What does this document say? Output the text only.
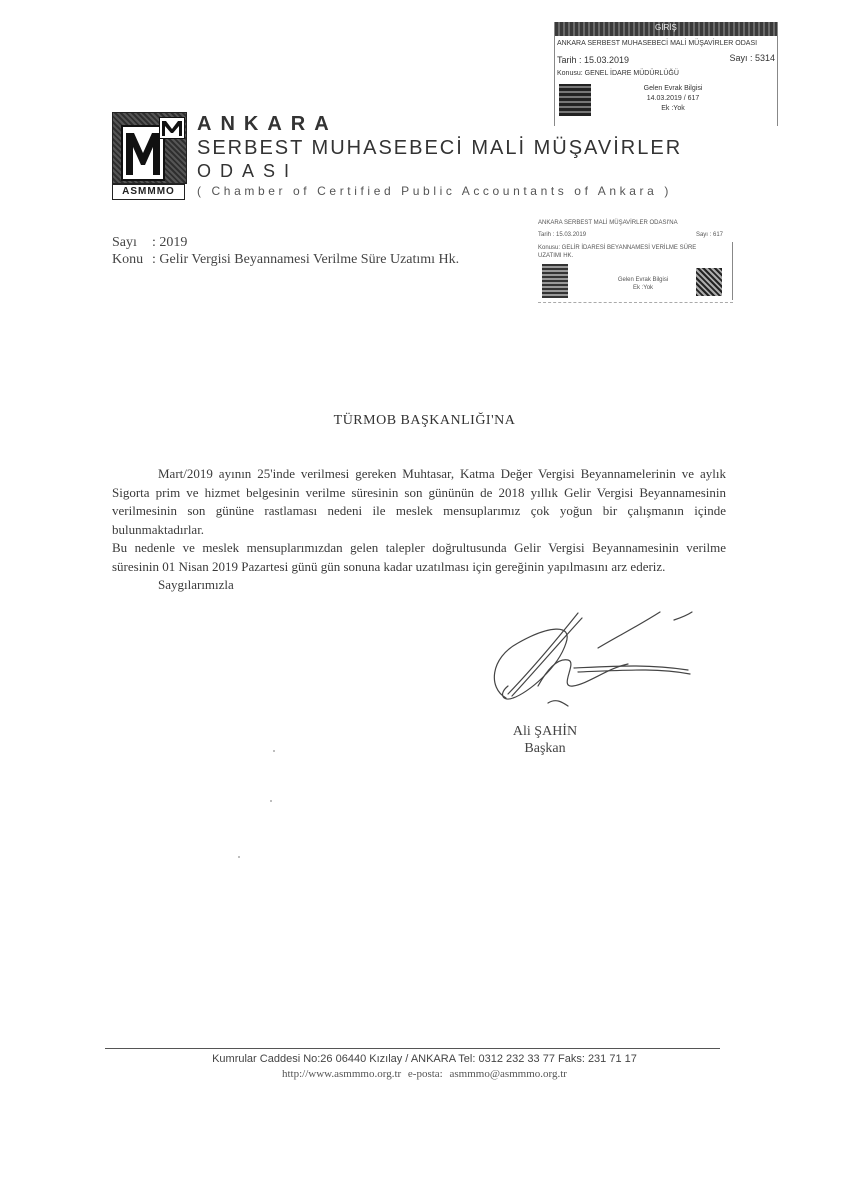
GİRİŞ
ANKARA SERBEST MUHASEBECİ MALİ MÜŞAVİRLER ODASI
Tarih : 15.03.2019	Sayı : 5314
Konusu: GENEL İDARE MÜDÜRLÜĞÜ
Gelen Evrak Bilgisi
14.03.2019 / 617
Ek :Yok
ASMMMO
ANKARA
SERBEST MUHASEBECİ MALİ MÜŞAVİRLER
ODASI
( Chamber of Certified Public Accountants of Ankara )
ANKARA SERBEST MALİ MÜŞAVİRLER ODASI'NA
Tarih : 15.03.2019	Sayı : 617
Konusu: GELİR İDARESİ BEYANNAMESİ VERİLME SÜRE UZATIMI HK.
Gelen Evrak Bilgisi
Ek :Yok
Sayı : 2019
Konu : Gelir Vergisi Beyannamesi Verilme Süre Uzatımı Hk.
TÜRMOB BAŞKANLIĞI'NA

Mart/2019 ayının 25'inde verilmesi gereken Muhtasar, Katma Değer Vergisi Beyannamelerinin ve aylık Sigorta prim ve hizmet belgesinin verilme süresinin son gününün de 2018 yıllık Gelir Vergisi Beyannamesinin verilmesinin son gününe rastlaması nedeni ile meslek mensuplarımız çok yoğun bir çalışmanın içinde bulunmaktadırlar.

Bu nedenle ve meslek mensuplarımızdan gelen talepler doğrultusunda Gelir Vergisi Beyannamesinin verilme süresinin 01 Nisan 2019 Pazartesi günü gün sonuna kadar uzatılması için gereğinin yapılmasını arz ederiz.

Saygılarımızla

Ali ŞAHİN
Başkan
Kumrular Caddesi No:26 06440 Kızılay / ANKARA Tel: 0312 232 33 77 Faks: 231 71 17
http://www.asmmmo.org.tr e-posta: asmmmo@asmmmo.org.tr
